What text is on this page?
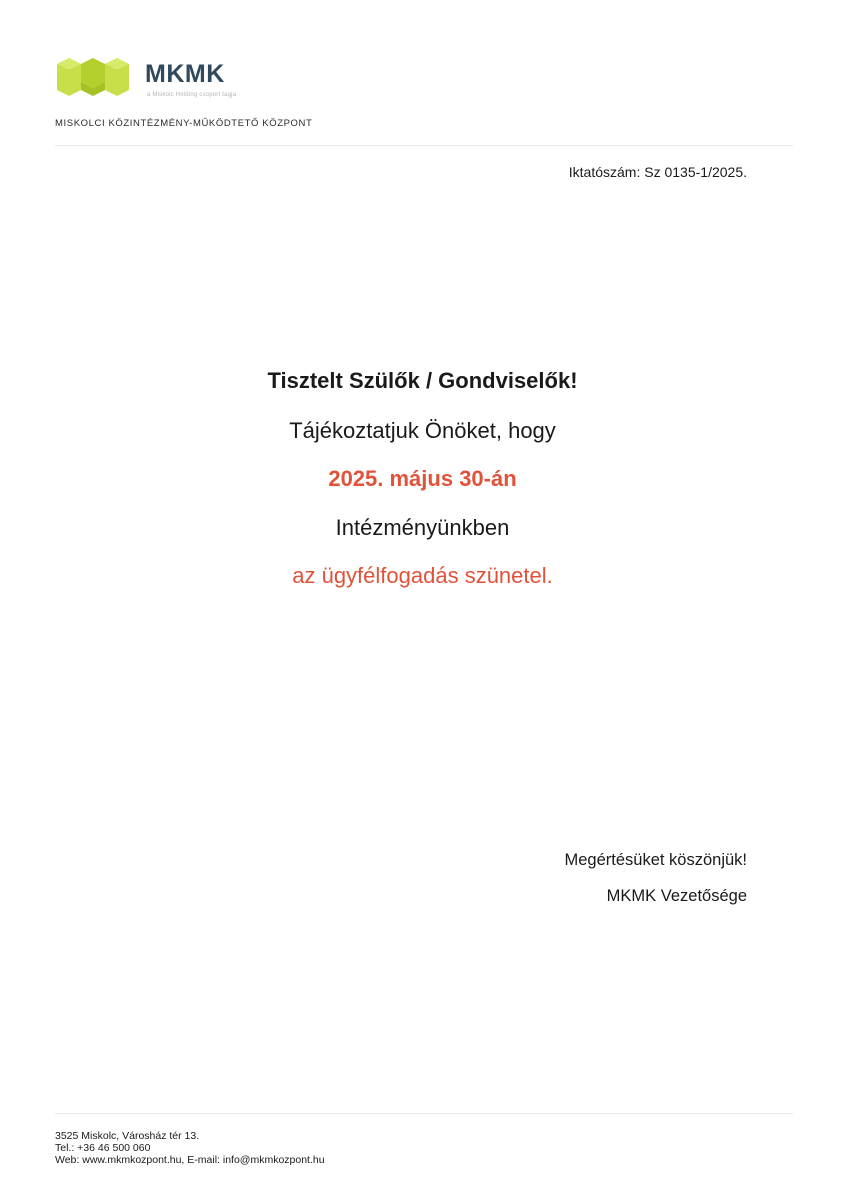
MKMK
a Miskolc Holding csoport tagja
MISKOLCI KÖZINTÉZMÉNY-MŰKÖDTETŐ KÖZPONT
Iktatószám: Sz 0135-1/2025.
Tisztelt Szülők / Gondviselők!
Tájékoztatjuk Önöket, hogy
2025. május 30-án
Intézményünkben
az ügyfélfogadás szünetel.
Megértésüket köszönjük!
MKMK Vezetősége
3525 Miskolc, Városház tér 13.
Tel.: +36 46 500 060
Web: www.mkmkozpont.hu, E-mail: info@mkmkozpont.hu
